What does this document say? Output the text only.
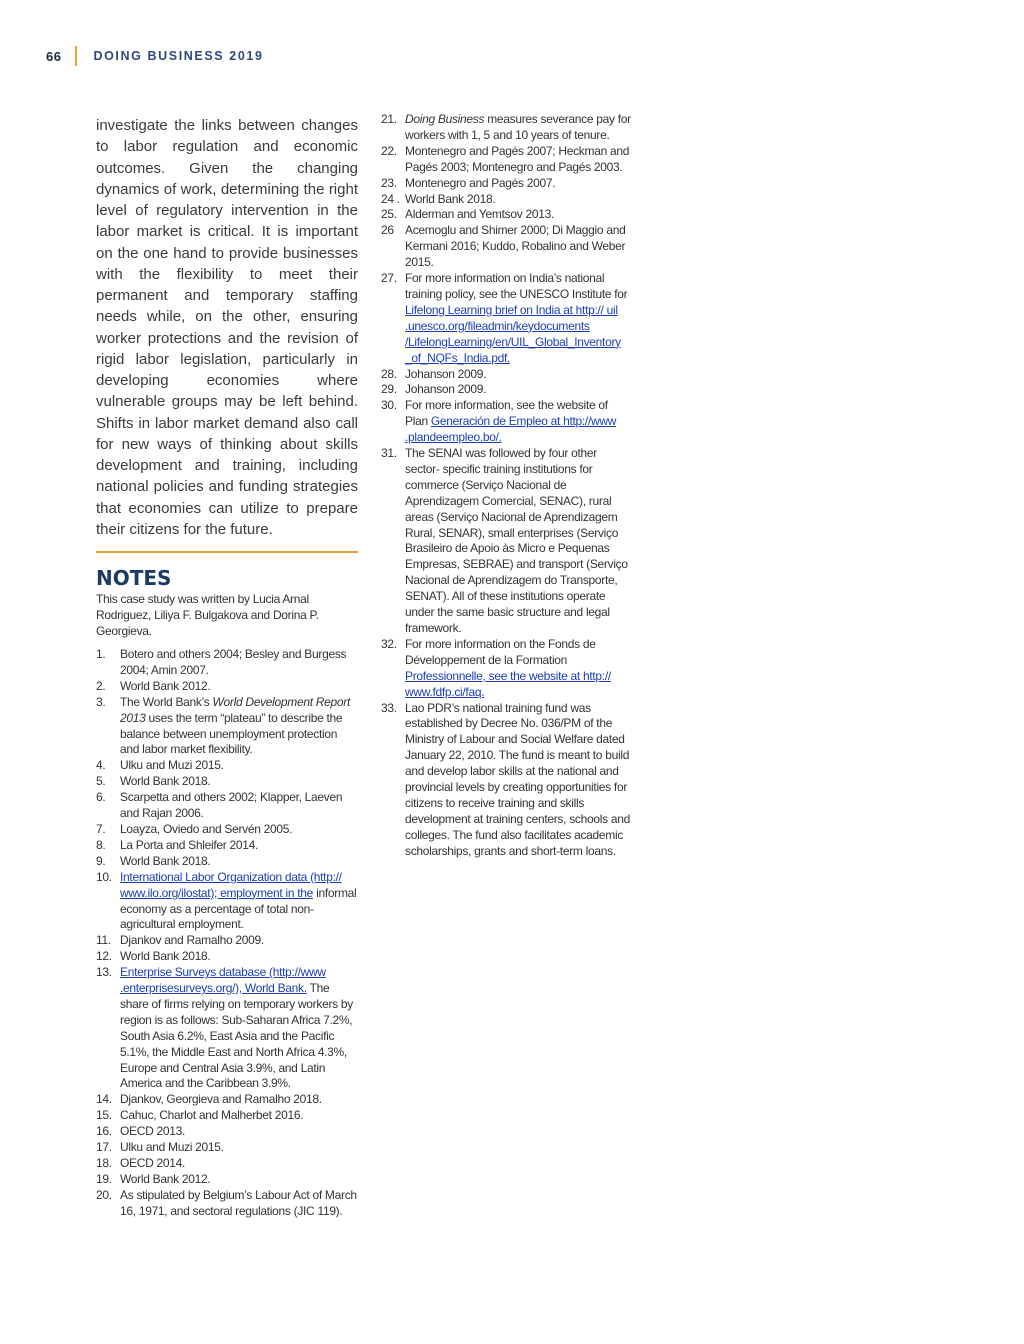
66	DOING BUSINESS 2019

investigate the links between changes to labor regulation and economic outcomes. Given the changing dynamics of work, determining the right level of regulatory intervention in the labor market is critical. It is important on the one hand to provide businesses with the flexibility to meet their permanent and temporary staffing needs while, on the other, ensuring worker protections and the revision of rigid labor legislation, particularly in developing economies where vulnerable groups may be left behind. Shifts in labor market demand also call for new ways of thinking about skills development and training, including national policies and funding strategies that economies can utilize to prepare their citizens for the future.

NOTES
This case study was written by Lucia Arnal Rodriguez, Liliya F. Bulgakova and Dorina P. Georgieva.
1.	Botero and others 2004; Besley and Burgess 2004; Amin 2007.
2.	World Bank 2012.
3.	The World Bank’s World Development Report 2013 uses the term “plateau” to describe the balance between unemployment protection and labor market flexibility.
4.	Ulku and Muzi 2015.
5.	World Bank 2018.
6.	Scarpetta and others 2002; Klapper, Laeven and Rajan 2006.
7.	Loayza, Oviedo and Servén 2005.
8.	La Porta and Shleifer 2014.
9.	World Bank 2018.
10. International Labor Organization data (http:// www.ilo.org/ilostat); employment in the informal economy as a percentage of total non-agricultural employment.
11. Djankov and Ramalho 2009.
12. World Bank 2018.
13. Enterprise Surveys database (http://www .enterprisesurveys.org/), World Bank. The share of firms relying on temporary workers by region is as follows: Sub-Saharan Africa 7.2%, South Asia 6.2%, East Asia and the Pacific 5.1%, the Middle East and North Africa 4.3%, Europe and Central Asia 3.9%, and Latin America and the Caribbean 3.9%.
14. Djankov, Georgieva and Ramalho 2018.
15. Cahuc, Charlot and Malherbet 2016.
16. OECD 2013.
17. Ulku and Muzi 2015.
18. OECD 2014.
19. World Bank 2012.
20. As stipulated by Belgium’s Labour Act of March 16, 1971, and sectoral regulations (JIC 119).
21. Doing Business measures severance pay for workers with 1, 5 and 10 years of tenure.
22. Montenegro and Pagés 2007; Heckman and Pagés 2003; Montenegro and Pagés 2003.
23. Montenegro and Pagés 2007.
24 . World Bank 2018.
25. Alderman and Yemtsov 2013.
26 Acemoglu and Shimer 2000; Di Maggio and Kermani 2016; Kuddo, Robalino and Weber 2015.
27. For more information on India’s national training policy, see the UNESCO Institute for Lifelong Learning brief on India at http:// uil .unesco.org/fileadmin/keydocuments /LifelongLearning/en/UIL_Global_Inventory _of_NQFs_India.pdf.
28. Johanson 2009.
29. Johanson 2009.
30. For more information, see the website of Plan Generación de Empleo at http://www .plandeempleo.bo/.
31. The SENAI was followed by four other sector- specific training institutions for commerce (Serviço Nacional de Aprendizagem Comercial, SENAC), rural areas (Serviço Nacional de Aprendizagem Rural, SENAR), small enterprises (Serviço Brasileiro de Apoio às Micro e Pequenas Empresas, SEBRAE) and transport (Serviço Nacional de Aprendizagem do Transporte, SENAT). All of these institutions operate under the same basic structure and legal framework.
32. For more information on the Fonds de Développement de la Formation Professionnelle, see the website at http:// www.fdfp.ci/faq.
33. Lao PDR’s national training fund was established by Decree No. 036/PM of the Ministry of Labour and Social Welfare dated January 22, 2010. The fund is meant to build and develop labor skills at the national and provincial levels by creating opportunities for citizens to receive training and skills development at training centers, schools and colleges. The fund also facilitates academic scholarships, grants and short-term loans.
